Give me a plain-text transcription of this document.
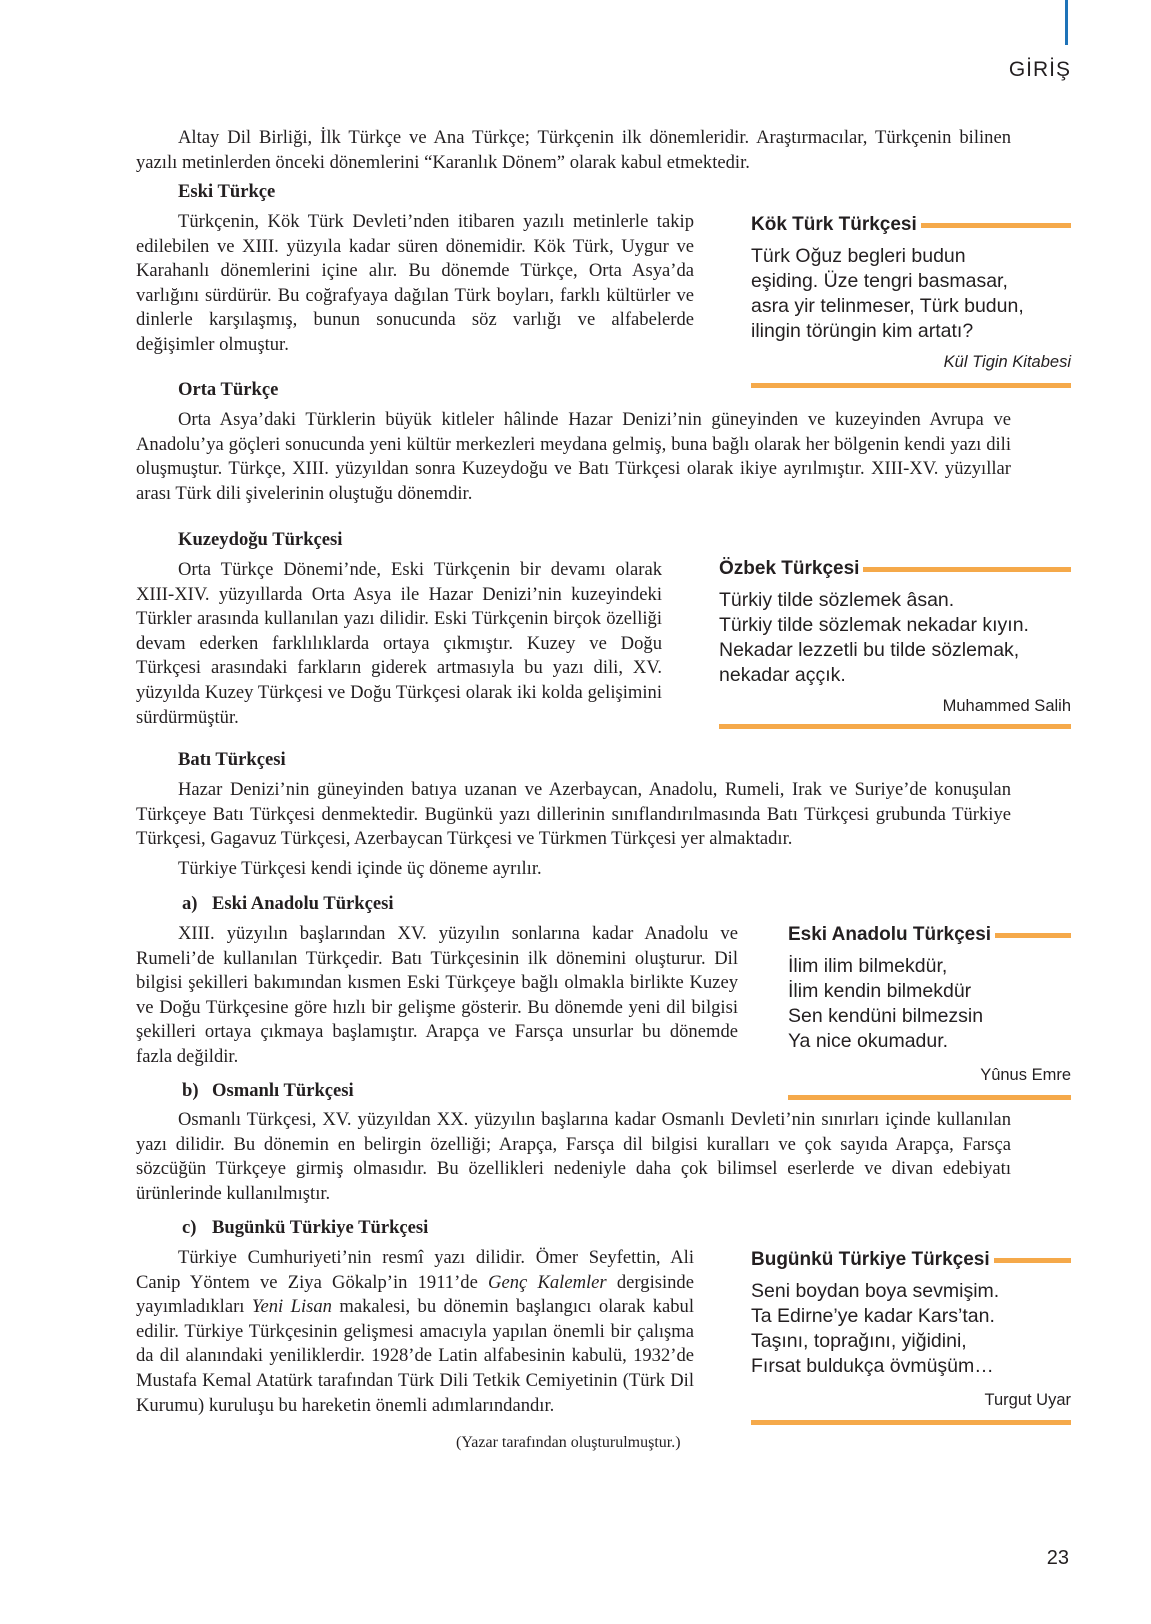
GİRİŞ

Altay Dil Birliği, İlk Türkçe ve Ana Türkçe; Türkçenin ilk dönemleridir. Araştırmacılar, Türkçenin bilinen yazılı metinlerden önceki dönemlerini “Karanlık Dönem” olarak kabul etmektedir.

Eski Türkçe

Türkçenin, Kök Türk Devleti’nden itibaren yazılı metinlerle takip edilebilen ve XIII. yüzyıla kadar süren dönemidir. Kök Türk, Uygur ve Karahanlı dönemlerini içine alır. Bu dönemde Türkçe, Orta Asya’da varlığını sürdürür. Bu coğrafyaya dağılan Türk boyları, farklı kültürler ve dinlerle karşılaşmış, bunun sonucunda söz varlığı ve alfabelerde değişimler olmuştur.

Kök Türk Türkçesi
Türk Oğuz begleri budun
eşiding. Üze tengri basmasar,
asra yir telinmeser, Türk budun,
ilingin törüngin kim artatı?
Kül Tigin Kitabesi
Orta Türkçe

Orta Asya’daki Türklerin büyük kitleler hâlinde Hazar Denizi’nin güneyinden ve kuzeyinden Avrupa ve Anadolu’ya göçleri sonucunda yeni kültür merkezleri meydana gelmiş, buna bağlı olarak her bölgenin kendi yazı dili oluşmuştur. Türkçe, XIII. yüzyıldan sonra Kuzeydoğu ve Batı Türkçesi olarak ikiye ayrılmıştır. XIII-XV. yüzyıllar arası Türk dili şivelerinin oluştuğu dönemdir.

Kuzeydoğu Türkçesi

Orta Türkçe Dönemi’nde, Eski Türkçenin bir devamı olarak XIII-XIV. yüzyıllarda Orta Asya ile Hazar Denizi’nin kuzeyindeki Türkler arasında kullanılan yazı dilidir. Eski Türkçenin birçok özelliği devam ederken farklılıklarda ortaya çıkmıştır. Kuzey ve Doğu Türkçesi arasındaki farkların giderek artmasıyla bu yazı dili, XV. yüzyılda Kuzey Türkçesi ve Doğu Türkçesi olarak iki kolda gelişimini sürdürmüştür.

Özbek Türkçesi
Türkiy tilde sözlemek âsan.
Türkiy tilde sözlemak nekadar kıyın.
Nekadar lezzetli bu tilde sözlemak,
nekadar aççık.
Muhammed Salih
Batı Türkçesi

Hazar Denizi’nin güneyinden batıya uzanan ve Azerbaycan, Anadolu, Rumeli, Irak ve Suriye’de konuşulan Türkçeye Batı Türkçesi denmektedir. Bugünkü yazı dillerinin sınıflandırılmasında Batı Türkçesi grubunda Türkiye Türkçesi, Gagavuz Türkçesi, Azerbaycan Türkçesi ve Türkmen Türkçesi yer almaktadır.

Türkiye Türkçesi kendi içinde üç döneme ayrılır.

a) Eski Anadolu Türkçesi

XIII. yüzyılın başlarından XV. yüzyılın sonlarına kadar Anadolu ve Rumeli’de kullanılan Türkçedir. Batı Türkçesinin ilk dönemini oluşturur. Dil bilgisi şekilleri bakımından kısmen Eski Türkçeye bağlı olmakla birlikte Kuzey ve Doğu Türkçesine göre hızlı bir gelişme gösterir. Bu dönemde yeni dil bilgisi şekilleri ortaya çıkmaya başlamıştır. Arapça ve Farsça unsurlar bu dönemde fazla değildir.

Eski Anadolu Türkçesi
İlim ilim bilmekdür,
İlim kendin bilmekdür
Sen kendüni bilmezsin
Ya nice okumadur.
Yûnus Emre
b) Osmanlı Türkçesi

Osmanlı Türkçesi, XV. yüzyıldan XX. yüzyılın başlarına kadar Osmanlı Devleti’nin sınırları içinde kullanılan yazı dilidir. Bu dönemin en belirgin özelliği; Arapça, Farsça dil bilgisi kuralları ve çok sayıda Arapça, Farsça sözcüğün Türkçeye girmiş olmasıdır. Bu özellikleri nedeniyle daha çok bilimsel eserlerde ve divan edebiyatı ürünlerinde kullanılmıştır.

c) Bugünkü Türkiye Türkçesi

Türkiye Cumhuriyeti’nin resmî yazı dilidir. Ömer Seyfettin, Ali Canip Yöntem ve Ziya Gökalp’in 1911’de Genç Kalemler dergisinde yayımladıkları Yeni Lisan makalesi, bu dönemin başlangıcı olarak kabul edilir. Türkiye Türkçesinin gelişmesi amacıyla yapılan önemli bir çalışma da dil alanındaki yeniliklerdir. 1928’de Latin alfabesinin kabulü, 1932’de Mustafa Kemal Atatürk tarafından Türk Dili Tetkik Cemiyetinin (Türk Dil Kurumu) kuruluşu bu hareketin önemli adımlarındandır.

Bugünkü Türkiye Türkçesi
Seni boydan boya sevmişim.
Ta Edirne’ye kadar Kars’tan.
Taşını, toprağını, yiğidini,
Fırsat buldukça övmüşüm…
Turgut Uyar
(Yazar tarafından oluşturulmuştur.)
23
